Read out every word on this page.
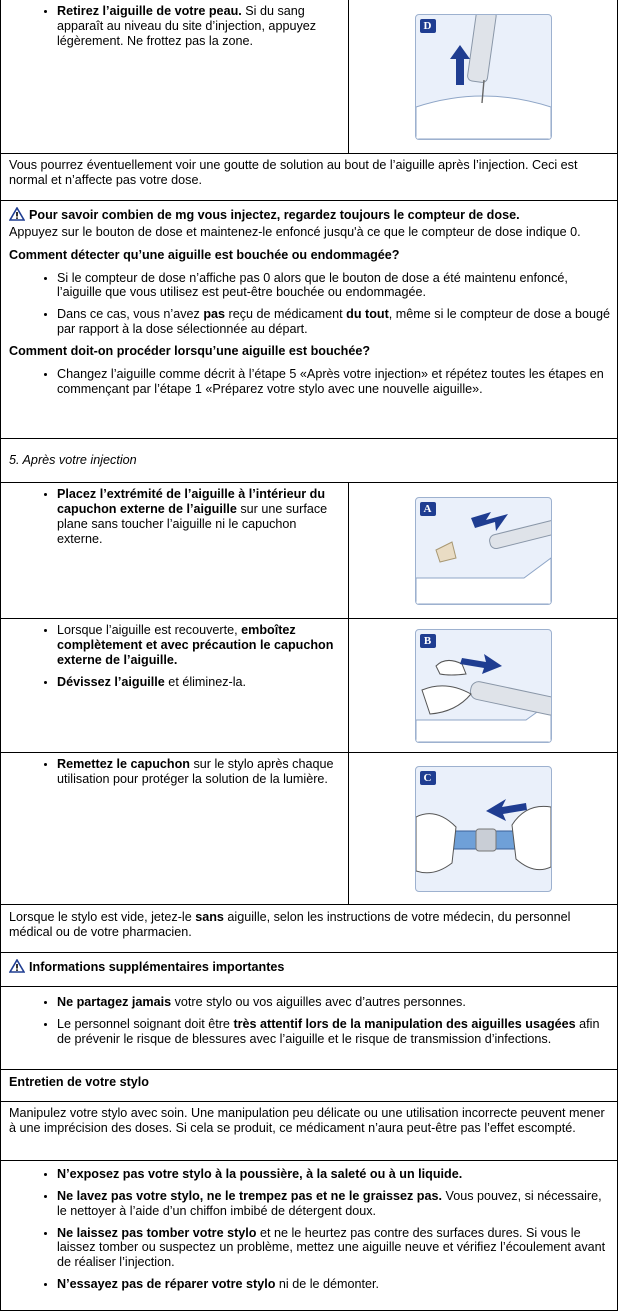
• Retirez l’aiguille de votre peau. Si du sang apparaît au niveau du site d’injection, appuyez légèrement. Ne frottez pas la zone.
D

Vous pourrez éventuellement voir une goutte de solution au bout de l’aiguille après l’injection. Ceci est normal et n’affecte pas votre dose.

Pour savoir combien de mg vous injectez, regardez toujours le compteur de dose.

Appuyez sur le bouton de dose et maintenez-le enfoncé jusqu'à ce que le compteur de dose indique 0.

Comment détecter qu’une aiguille est bouchée ou endommagée?
• Si le compteur de dose n’affiche pas 0 alors que le bouton de dose a été maintenu enfoncé, l’aiguille que vous utilisez est peut-être bouchée ou endommagée.
• Dans ce cas, vous n’avez pas reçu de médicament du tout, même si le compteur de dose a bougé par rapport à la dose sélectionnée au départ.
Comment doit-on procéder lorsqu’une aiguille est bouchée?
• Changez l’aiguille comme décrit à l’étape 5 «Après votre injection» et répétez toutes les étapes en commençant par l’étape 1 «Préparez votre stylo avec une nouvelle aiguille».

5. Après votre injection

• Placez l’extrémité de l’aiguille à l’intérieur du capuchon externe de l’aiguille sur une surface plane sans toucher l’aiguille ni le capuchon externe.
A
• Lorsque l’aiguille est recouverte, emboîtez complètement et avec précaution le capuchon externe de l’aiguille.
• Dévissez l’aiguille et éliminez-la.
B
• Remettez le capuchon sur le stylo après chaque utilisation pour protéger la solution de la lumière.	C

Lorsque le stylo est vide, jetez-le sans aiguille, selon les instructions de votre médecin, du personnel médical ou de votre pharmacien.

Informations supplémentaires importantes

• Ne partagez jamais votre stylo ou vos aiguilles avec d’autres personnes.
• Le personnel soignant doit être très attentif lors de la manipulation des aiguilles usagées afin de prévenir le risque de blessures avec l’aiguille et le risque de transmission d’infections.

Entretien de votre stylo

Manipulez votre stylo avec soin. Une manipulation peu délicate ou une utilisation incorrecte peuvent mener à une imprécision des doses. Si cela se produit, ce médicament n’aura peut-être pas l’effet escompté.

• N’exposez pas votre stylo à la poussière, à la saleté ou à un liquide.
• Ne lavez pas votre stylo, ne le trempez pas et ne le graissez pas. Vous pouvez, si nécessaire, le nettoyer à l’aide d’un chiffon imbibé de détergent doux.
• Ne laissez pas tomber votre stylo et ne le heurtez pas contre des surfaces dures. Si vous le laissez tomber ou suspectez un problème, mettez une aiguille neuve et vérifiez l’écoulement avant de réaliser l’injection.
• N’essayez pas de réparer votre stylo ni de le démonter.
